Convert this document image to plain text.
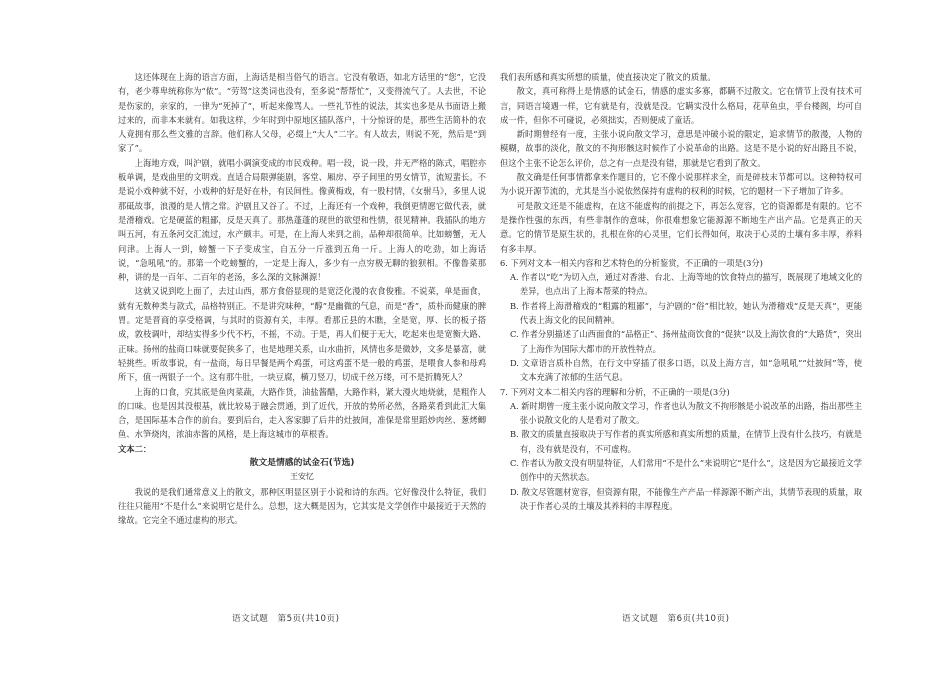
这还体现在上海的语言方面，上海话是相当俗气的语言。它没有敬语，如北方话里的“您”，它没有，老少尊卑统称你为“侬”。“劳驾”这类词也没有，至多说“帮帮忙”，又变得流气了。人去世，不论是伤家的，亲家的，一律为“死掉了”，听起来像骂人。一些礼节性的说法，其实也多是从书面语上搬过来的，而非本来就有。如我这样，少年时到中原地区插队落户，十分惊讶的是，那些生活简朴的农人竟拥有那么些文雅的言辞。他们称人父母，必缀上“大人”二字。有人故去，则说不死，然后是“到家了”。

上海地方戏，叫沪剧，就唱小调演变成的市民戏种。唱一段，说一段，并无严格的陈式，唱腔亦板单调，是戏曲里的文明戏。直适合局限弹能剧，客堂、厢房、亭子间里的男女情节，流短蜚长。不是说小戏种就不好，小戏种的好是好在朴，有民间性。像黄梅戏，有一股村情，《女驸马》，多里人说那砥故事，浪漫的是人情之常。沪剧且又谷了。不过，上海还有一个戏种，我倒更情愿它做代表，就是滑稽戏。它是硬蓝的粗鄙，反是天真了。那热蓬蓬的现世的欲望和性情，很见精神。我插队的地方叫五河，有五条河交汇流过，水产颇丰。可是，在上海人来到之前，品种却很简单。比如螃蟹，无人问津。上海人一到，螃蟹一下子变成宝，自五分一斤涨到五角一斤。上海人的吃劲，如上海话说，“急吼吼”的。那第一个吃螃蟹的，一定是上海人，多少有一点穷极无聊的狼狈相。不像鲁菜那种，讲的是一百年、二百年的老汤，多么深的文脉渊源！

这就又说到吃上面了，去过山西，那方食俗显现的是宽泛化漫的农食俊雅。不说菜，单是面食，就有无数种类与款式，品格特别正。不是讲究味种，“醇”是幽微的气息，而是“香”，质朴而健康的脾胃。定是晋商的享受格调，与其时的资源有关，丰厚。看那丘县的木瞧，全是宽，厚、长的板子搭成，敦枝调叶，却结实得多少代不朽，不摇，不动。于是，再人们便于无大，吃起来也是宽衡大路、正味。扬州的盐商口味就要促狭多了，也是地理关系，山水曲折，风情也多是微妙，文多是暴富，就轻挑些。听故事说，有一盐商，每日早餐是两个鸡蛋，可这鸡蛋不是一般的鸡蛋，是喂食人参和母鸡所下，值一两银子一个。这有那牛肚，一块豆腐，横刀竖刀，切成千丝万缕，可不是折腾死人？

上海的口食，究其底是鱼肉菜蔬，大路作货，油盐酱醋，大路作料，紧大漫火地烧就，是粗作人的口味。也是因其没根基，就比较易于融会贯通，到了近代，开放的势所必然，各路菜肴到此汇大集合，是国际基本合作的前台。要到后台，走入客家脚了后井的灶披间，准保是常里蹈炒肉丝、葱烤鲫鱼、水笋烧肉，浓油赤酱的风格，是上海这城市的草根香。

文本二：

散文是情感的试金石(节选)

王安忆

我说的是我们通常意义上的散文，那种区明显区别于小说和诗的东西。它好像没什么特征，我们往往只能用“不是什么”来说明它是什么。总想，这大概是因为，它其实是文学创作中最接近于天然的缘故。它完全不通过虚构的形式。

我们表所感和真实所想的质量，使直接决定了散文的质量。

散文，真可称得上是情感的试金石，情感的虚实多寡，都瞒不过散文。它在情节上没有技术可言，同语言境遇一样，它有就是有，没就是没。它瞒实没什么格局，花草鱼虫，乎台楼阁，均可自成一件，但你不可碰说，必须拙实，否则便成了童话。

新时期曾经有一度，主张小说向散文学习，意思是冲破小说的限定，追求情节的散漫，人物的模糊，故事的淡化，散文的不拘形骸这时候作了小说革命的出路。这是不是小说的好出路且不说，但这个主张不论怎么评价，总之有一点是没有错，那就是它看到了散文。

散文确是任何事情都拿来作题目的，它不像小说那样求全，而是碎枝末节都可以。这种特权可为小说开源节流的，尤其是当小说依然保持有虚构的权利的时候，它的题材一下子增加了许多。

可是散文还是不能虚构，在这不能虚构的前提之下，再怎么宽容，它的资源都是有限的。它不是操作性强的东西，有些非制作的意味，你很难想象它能源源不断地生产出产品。它是真正的天意。它的情节是原生状的，扎根在你的心灵里，它们长得如何，取决于心灵的土壤有多丰厚，养料有多丰厚。

6. 下列对文本一相关内容和艺术特色的分析鉴赏，不正确的一项是(3分)

A. 作者以“吃”为切入点，通过对香港、台北、上海等地的饮食特点的描写，既展现了地域文化的差异，也点出了上海本帮菜的特点。

B. 作者将上海滑稽戏的“粗露的粗鄙”，与沪剧的“俗”相比较，她认为滑稽戏“反是天真”，更能代表上海文化的民间精神。

C. 作者分别描述了山西面食的“品格正”、扬州盐商饮食的“促狭”以及上海饮食的“大路货”，突出了上海作为国际大都市的开放性特点。

D. 文章语言质朴自然，在行文中穿插了很多口语，以及上海方言，如“急吼吼”“灶披间”等，使文本充满了浓郁的生活气息。

7. 下列对文本二相关内容的理解和分析，不正确的一项是(3分)

A. 新时期曾一度主张小说向散文学习，作者也认为散文不拘形骸是小说改革的出路，指出那些主张小说散文化的人是看对了散文。

B. 散文的质量直接取决于写作者的真实所感和真实所想的质量，在情节上没有什么技巧，有就是有，没有就是没有，不可虚构。

C. 作者认为散文没有明显特征，人们常用“不是什么”来说明它“是什么”，这是因为它最接近文学创作中的天然状态。

D. 散文尽管题材宽容，但资源有限，不能像生产产品一样源源不断产出，其情节表现的质量，取决于作者心灵的土壤及其养料的丰厚程度。

语文试题　第5页(共10页)	语文试题　第6页(共10页)
